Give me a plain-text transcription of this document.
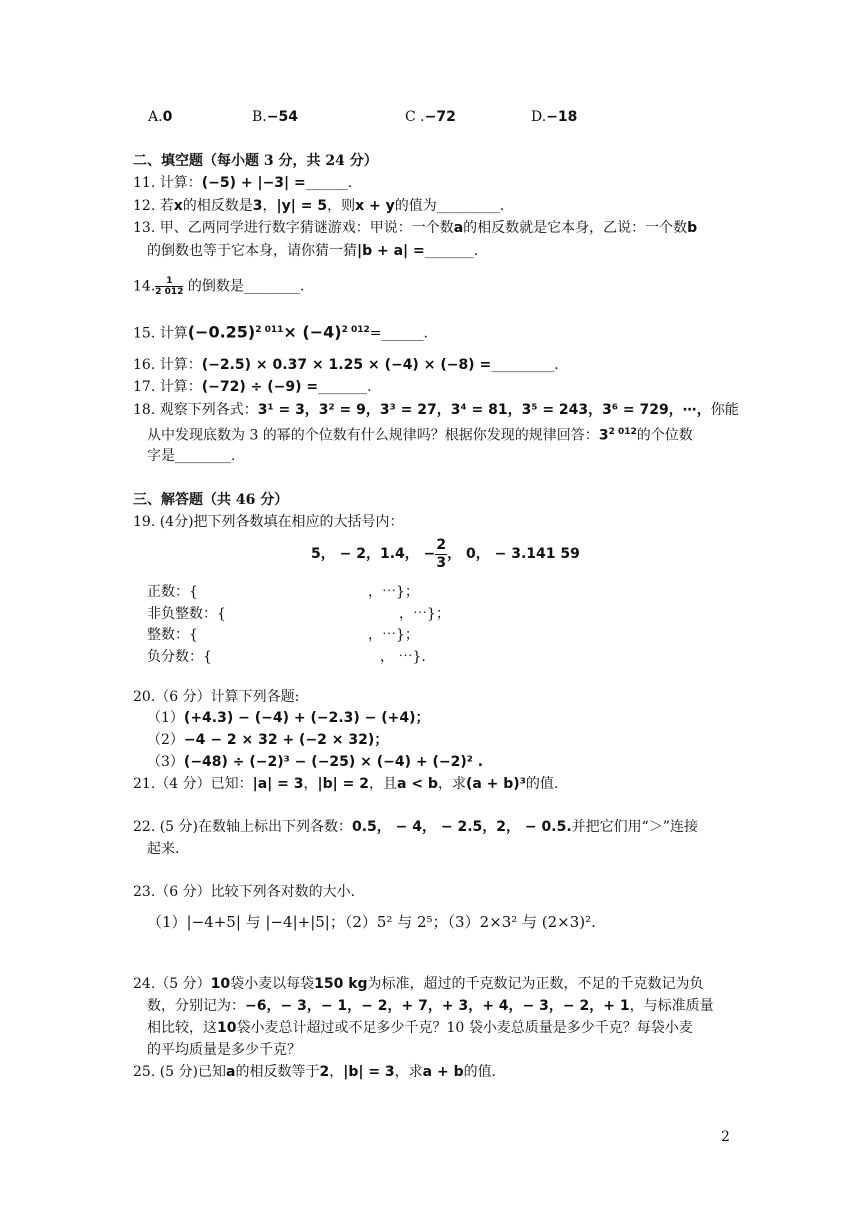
A.0	B.−54	C .−72	D.−18
二、填空题（每小题 3 分，共 24 分）
11. 计算：(−5) + |−3| =______.
12. 若x的相反数是3，|y| = 5，则x + y的值为_________.
13. 甲、乙两同学进行数字猜谜游戏：甲说：一个数a的相反数就是它本身，乙说：一个数b
的倒数也等于它本身，请你猜一猜|b + a| =_______.
14. $\frac{1}{2 012}$ 的倒数是________.
15. 计算$(-0.25)^{2 011}\times$ $(-4)^{2 012}=\_\_\_\_\_\_$.
16. 计算：(−2.5) × 0.37 × 1.25 × (−4) × (−8) =_________.
17. 计算：(−72) ÷ (−9) =_______.
18. 观察下列各式：3¹ = 3，3² = 9，3³ = 27，3⁴ = 81，3⁵ = 243，3⁶ = 729，⋯，你能
从中发现底数为 3 的幂的个位数有什么规律吗？根据你发现的规律回答：$3^{2 012}$的个位数
字是________.
三、解答题（共 46 分）
19. (4分)把下列各数填在相应的大括号内：
5， − 2，1.4， − $\frac{2}{3}$ ， 0， − 3.141 59
正数：{	，⋯}；
非负整数：{	，⋯}；
整数：{	，⋯}；
负分数：{	， ⋯}.
20.（6 分）计算下列各题:
（1）(+4.3) − (−4) + (−2.3) − (+4)；
（2）−4 − 2 × 32 + (−2 × 32)；
（3）(−48) ÷ (−2)³ − (−25) × (−4) + (−2)² .
21.（4 分）已知：|a| = 3，|b| = 2，且a < b，求(a + b)³的值.
22. (5 分)在数轴上标出下列各数：0.5， − 4， − 2.5，2， − 0.5.并把它们用“＞”连接
起来.
23.（6 分）比较下列各对数的大小.
（1）|−4+5| 与 |−4|+|5|；（2）5² 与 2⁵；（3）2×3² 与 (2×3)².
24.（5 分）10袋小麦以每袋150 kg为标准，超过的千克数记为正数，不足的千克数记为负
数，分别记为：−6，− 3，− 1，− 2，+ 7，+ 3，+ 4，− 3，− 2，+ 1，与标准质量
相比较，这10袋小麦总计超过或不足多少千克？10 袋小麦总质量是多少千克？每袋小麦
的平均质量是多少千克？
25. (5 分)已知a的相反数等于2，|b| = 3，求a + b的值.
2
